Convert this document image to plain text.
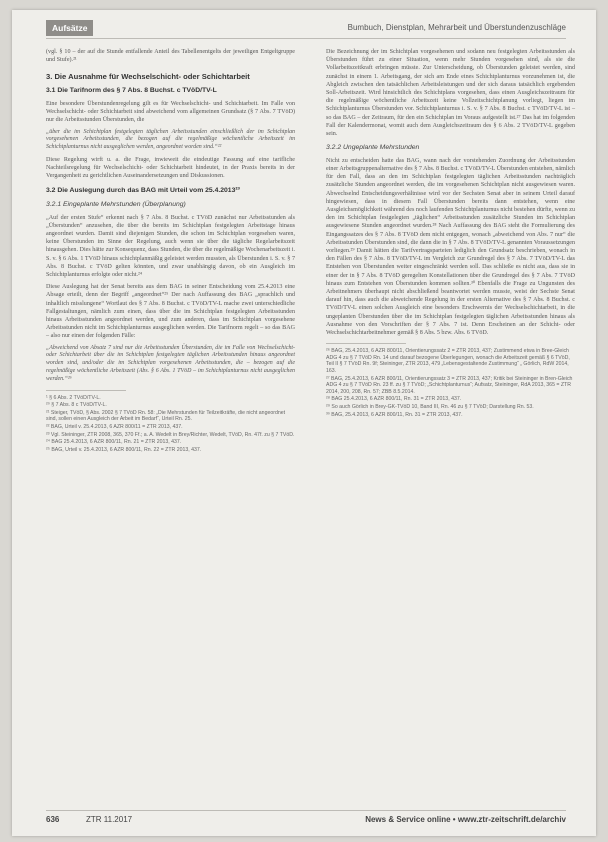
Aufsätze	Bumbuch, Dienstplan, Mehrarbeit und Überstundenzuschläge

(vgl. § 10 – der auf die Stunde entfallende Anteil des Tabellenentgelts der jeweiligen Entgeltgruppe und Stufe).²¹

3. Die Ausnahme für Wechselschicht- oder Schichtarbeit
3.1 Die Tarifnorm des § 7 Abs. 8 Buchst. c TVöD/TV-L

Eine besondere Überstundenregelung gilt es für Wechselschicht- und Schichtarbeit. Im Falle von Wechselschicht- oder Schichtarbeit sind abweichend vom allgemeinen Grundsatz (§ 7 Abs. 7 TVöD) nur die Arbeitsstunden Überstunden, die

„über die im Schichtplan festgelegten täglichen Arbeitsstunden einschließlich der im Schichtplan vorgesehenen Arbeitsstunden, die bezogen auf die regelmäßige wöchentliche Arbeitszeit im Schichtplanturnus nicht ausgeglichen werden, angeordnet worden sind.“²²

Diese Regelung wirft u. a. die Frage, inwieweit die eindeutige Fassung auf eine tarifliche Nachteilsregelung für Wechselschicht- oder Schichtarbeit hindeutet, in der Praxis bereits in der Vergangenheit zu gerichtlichen Auseinandersetzungen und Diskussionen.

3.2 Die Auslegung durch das BAG mit Urteil vom 25.4.2013²³
3.2.1 Eingeplante Mehrstunden (Überplanung)

„Auf der ersten Stufe“ erkennt nach § 7 Abs. 8 Buchst. c TVöD zunächst nur Arbeitsstunden als „Überstunden“ anzusehen, die über die bereits im Schichtplan festgelegten Arbeitstage hinaus angeordnet wurden. Damit sind diejenigen Stunden, die schon im Schichtplan vorgesehen waren, keine Überstunden im Sinne der Regelung, auch wenn sie über die tägliche Regelarbeitszeit hinausgehen. Dies hätte zur Konsequenz, dass Stunden, die über die regelmäßige Wochenarbeitszeit i. S. v. § 6 Abs. 1 TVöD hinaus schichtplanmäßig geleistet werden mussten, als Überstunden i. S. v. § 7 Abs. 8 Buchst. c TVöD gelten könnten, und zwar unabhängig davon, ob ein Ausgleich im Schichtplanturnus erfolgte oder nicht.²⁴

Diese Auslegung hat der Senat bereits aus dem BAG in seiner Entscheidung vom 25.4.2013 eine Absage erteilt, denn der Begriff „angeordnet“²⁵ Der nach Auffassung des BAG „sprachlich und inhaltlich misslungene“ Wortlaut des § 7 Abs. 8 Buchst. c TVöD/TV-L mache zwei unterschiedliche Fallgestaltungen, nämlich zum einen, dass über die im Schichtplan festgelegten Arbeitsstunden hinaus Arbeitsstunden angeordnet werden, und zum anderen, dass im Schichtplan vorgesehene Arbeitsstunden nicht im Schichtplanturnus ausgeglichen werden. Die Tarifnorm regelt – so das BAG – also nur einen der folgenden Fälle:

„Abweichend von Absatz 7 sind nur die Arbeitsstunden Überstunden, die im Falle von Wechselschicht- oder Schichtarbeit über die im Schichtplan festgelegten täglichen Arbeitsstunden hinaus angeordnet worden sind, und/oder die im Schichtplan vorgesehenen Arbeitsstunden, die – bezogen auf die regelmäßige wöchentliche Arbeitszeit (Abs. § 6 Abs. 1 TVöD – im Schichtplanturnus nicht ausgeglichen werden.“²⁶

¹ § 6 Abs. 2 TVöD/TV-L.

²⁰ § 7 Abs. 8 c TVöD/TV-L.

²¹ Steiger, TVöD, § Abs. 2002 § 7 TVöD Rn. 58: „Die Mehrstunden für Teilzeitkräfte, die nicht angeordnet sind, sollen einen Ausgleich der Arbeit im Bedarf“, Urteil Rn. 25.

²² BAG, Urteil v. 25.4.2013, 6 AZR 800/11 = ZTR 2013, 437.

²³ Vgl. Steininger, ZTR 2008, 365, 370 Ff.; a. A. Wedelt in Brey/Richter, Wedelt, TVöD, Rn. 47f. zu § 7 TVöD.

²⁴ BAG 25.4.2013, 6 AZR 800/11, Rn. 21 = ZTR 2013, 437.

²⁵ BAG, Urteil v. 25.4.2013, 6 AZR 800/11, Rn. 22 = ZTR 2013, 437.

Die Bezeichnung der im Schichtplan vorgesehenen und sodann neu festgelegten Arbeitsstunden als Überstunden führt zu einer Situation, wenn mehr Stunden vorgesehen sind, als sie die Vollarbeitszeitkraft erbringen müsste. Zur Unterscheidung, ob Überstunden geleistet werden, sind zunächst in einem 1. Arbeitsgang, der sich am Ende eines Schichtplanturnus vorzunehmen ist, die Abgleich zwischen den tatsächlichen Arbeitsleistungen und der sich daraus tatsächlich ergebenden Soll-Arbeitszeit. Wird hinsichtlich des Schichtplans vorgesehen, dass einen Ausgleichszeitraum für die regelmäßige wöchentliche Arbeitszeit keine Vollzeitschichtplanung vorliegt, liegen im Schichtplanturnus Überstunden vor. Schichtplanturnus i. S. v. § 7 Abs. 8 Buchst. c TVöD/TV-L ist – so das BAG – der Zeitraum, für den ein Schichtplan im Voraus aufgestellt ist.²⁷ Das hat im folgenden Fall der Kalendermonat, womit auch dem Ausgleichszeitraum des § 6 Abs. 2 TVöD/TV-L gegeben sein.

3.2.2 Ungeplante Mehrstunden

Nicht zu entscheiden hatte das BAG, wann nach der vorstehenden Zuordnung der Arbeitsstunden einer Arbeitsgruppenalternative des § 7 Abs. 8 Buchst. c TVöD/TV-L Überstunden entstehen, nämlich für den Fall, dass an den im Schichtplan festgelegten täglichen Arbeitsstunden nachträglich zusätzliche Stunden angeordnet werden, die im vorgesehenen Schichtplan nicht ausgewiesen waren. Abwechselnd Entscheidungsverhältnisse wird vor der Sechsten Senat aber in seinem Urteil darauf hingewiesen, dass in diesem Fall Überstunden bereits dann entstehen, wenn eine Ausgleichsmöglichkeit während des noch laufenden Schichtplanturnus nicht bestehen dürfte, wenn zu den im Schichtplan festgelegten „täglichen“ Arbeitsstunden zusätzliche Stunden im Schichtplan ausgewiesene Stunden angeordnet wurden.²⁸ Nach Auffassung des BAG steht die Formulierung des Eingangssatzes des § 7 Abs. 8 TVöD dem nicht entgegen, wonach „abweichend von Abs. 7 nur“ die Arbeitsstunden Überstunden sind, die dann die in § 7 Abs. 8 TVöD/TV-L genannten Voraussetzungen vorliegen.²⁹ Damit hätten die Tarifvertragsparteien lediglich den Grundsatz beschrieben, wonach in den Fällen des § 7 Abs. 8 TVöD/TV-L im Vergleich zur Grundregel des § 7 Abs. 7 TVöD/TV-L das Entstehen von Überstunden weiter eingeschränkt werden soll. Das schließe es nicht aus, dass sie in einer der in § 7 Abs. 8 TVöD geregelten Konstellationen über die Grundregel des § 7 Abs. 7 TVöD hinaus zum Entstehen von Überstunden kommen sollten.³⁰ Ebenfalls die Frage zu Ungunsten des Arbeitnehmers überhaupt nicht abschließend beantwortet werden musste, weist der Sechste Senat darauf hin, dass auch die abweichende Regelung in der ersten Alternative des § 7 Abs. 8 Buchst. c TVöD/TV-L einen solchen Ausgleich eine besonders Erschwernis der Wechselschichtarbeit, in die ungeplanten Überstunden über die im Schichtplan festgelegten täglichen Arbeitsstunden hinaus als Ausnahme von den Vorschriften der § 7 Abs. 7 ist. Denn Erscheinen an der Schicht- oder Wechselschichtarbeitnehmer gemäß § 8 Abs. 5 bzw. Abs. 6 TVöD.

²⁶ BAG, 25.4.2013, 6 AZR 800/11, Orientierungssatz 2 = ZTR 2013, 437; Zustimmend etwa in Bree-Gleich ADG 4 zu § 7 TVöD Rn. 14 und darauf bezogene Überlegungen, wonach die Arbeitszeit gemäß § 6 TVöD, Teil II § 7 TVöD Rn. 9f; Steininger, ZTR 2013, 479 „Lebensgestaltende Zustimmung“ „ Görlich, RdW 2014, 163.

²⁷ BAG, 25.4.2013, 6 AZR 800/11, Orientierungssatz 3 = ZTR 2013, 437; Kritik bei Steininger in Bren-Gleich ADG 4 zu § 7 TVöD Rn. 23 ff. zu § 7 TVöD; „Schichtplanturnus“; Aufsatz, Steininger, RdA 2013, 365 = ZTR 2014, 200, 208, Rn. 57; ZBB 8.5.2014.

²⁸ BAG 25.4.2013, 6 AZR 800/11, Rn. 31 = ZTR 2013, 437.

²⁹ So auch Görlich in Brey-GK-TVöD 10, Band III, Rn. 46 zu § 7 TVöD; Darstellung Rn. 53.

³⁰ BAG, 25.4.2013, 6 AZR 800/11, Rn. 31 = ZTR 2013, 437.

636	ZTR 11.2017	News & Service online • www.ztr-zeitschrift.de/archiv
